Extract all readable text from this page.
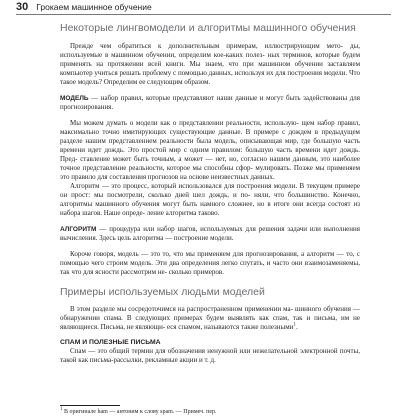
30 Грокаем машинное обучение
Некоторые лингвомодели и алгоритмы машинного обучения

Прежде чем обратиться к дополнительным примерам, иллюстрирующим мето- ды, используемые в машинном обучении, определим кое-каких полез- ных терминов, которые будем применять на протяжении всей книги. Мы знаем, что при машинном обучении заставляем компьютер учиться решать проблему с помощью данных, используя их для построения модели. Что такое модель? Определим ее следующим образом.

МОДЕЛЬ — набор правил, которые представляют наши данные и могут быть задействованы для прогнозирования.

Мы можем думать о модели как о представлении реальности, использую- щем набор правил, максимально точно имитирующих существующие данные. В примере с дождем в предыдущем разделе нашим представлением реальности была модель, описывающая мир, где большую часть времени идет дождь. Это простой мир с одним правилом: большую часть времени идет дождь. Пред- ставление может быть точным, а может — нет, но, согласно нашим данным, это наиболее точное представление реальности, которое мы способны сфор- мулировать. Позже мы применяем это правило для составления прогнозов на основе неизвестных данных.

Алгоритм — это процесс, который использовался для построения модели. В текущем примере он прост: мы посмотрели, сколько дней шел дождь, и по- няли, что большинство. Конечно, алгоритмы машинного обучения могут быть намного сложнее, но в итоге они всегда состоят из набора шагов. Наше опреде- ление алгоритма таково.

АЛГОРИТМ — процедура или набор шагов, используемых для решения задачи или выполнения вычисления. Здесь цель алгоритма — построение модели.

Короче говоря, модель — это то, что мы применяем для прогнозирования, а алгоритм — то, с помощью чего строим модель. Эти два определения легко спутать, и часто они взаимозаменяемы, так что для ясности рассмотрим не- сколько примеров.

Примеры используемых людьми моделей

В этом разделе мы сосредоточимся на распространенном применении ма- шинного обучения — обнаружении спама. В следующих примерах будем выявлять как спам, так и письма, им не являющиеся. Письма, не являющи- еся спамом, называются также полезными$^1$.

СПАМ И ПОЛЕЗНЫЕ ПИСЬМА

Спам — это общий термин для обозначения ненужной или нежелательной электронной почты, такой как письма-рассылки, рекламные акции и т. д.

$^1$ В оригинале ham — антоним к слову spam. — Примеч. пер.
